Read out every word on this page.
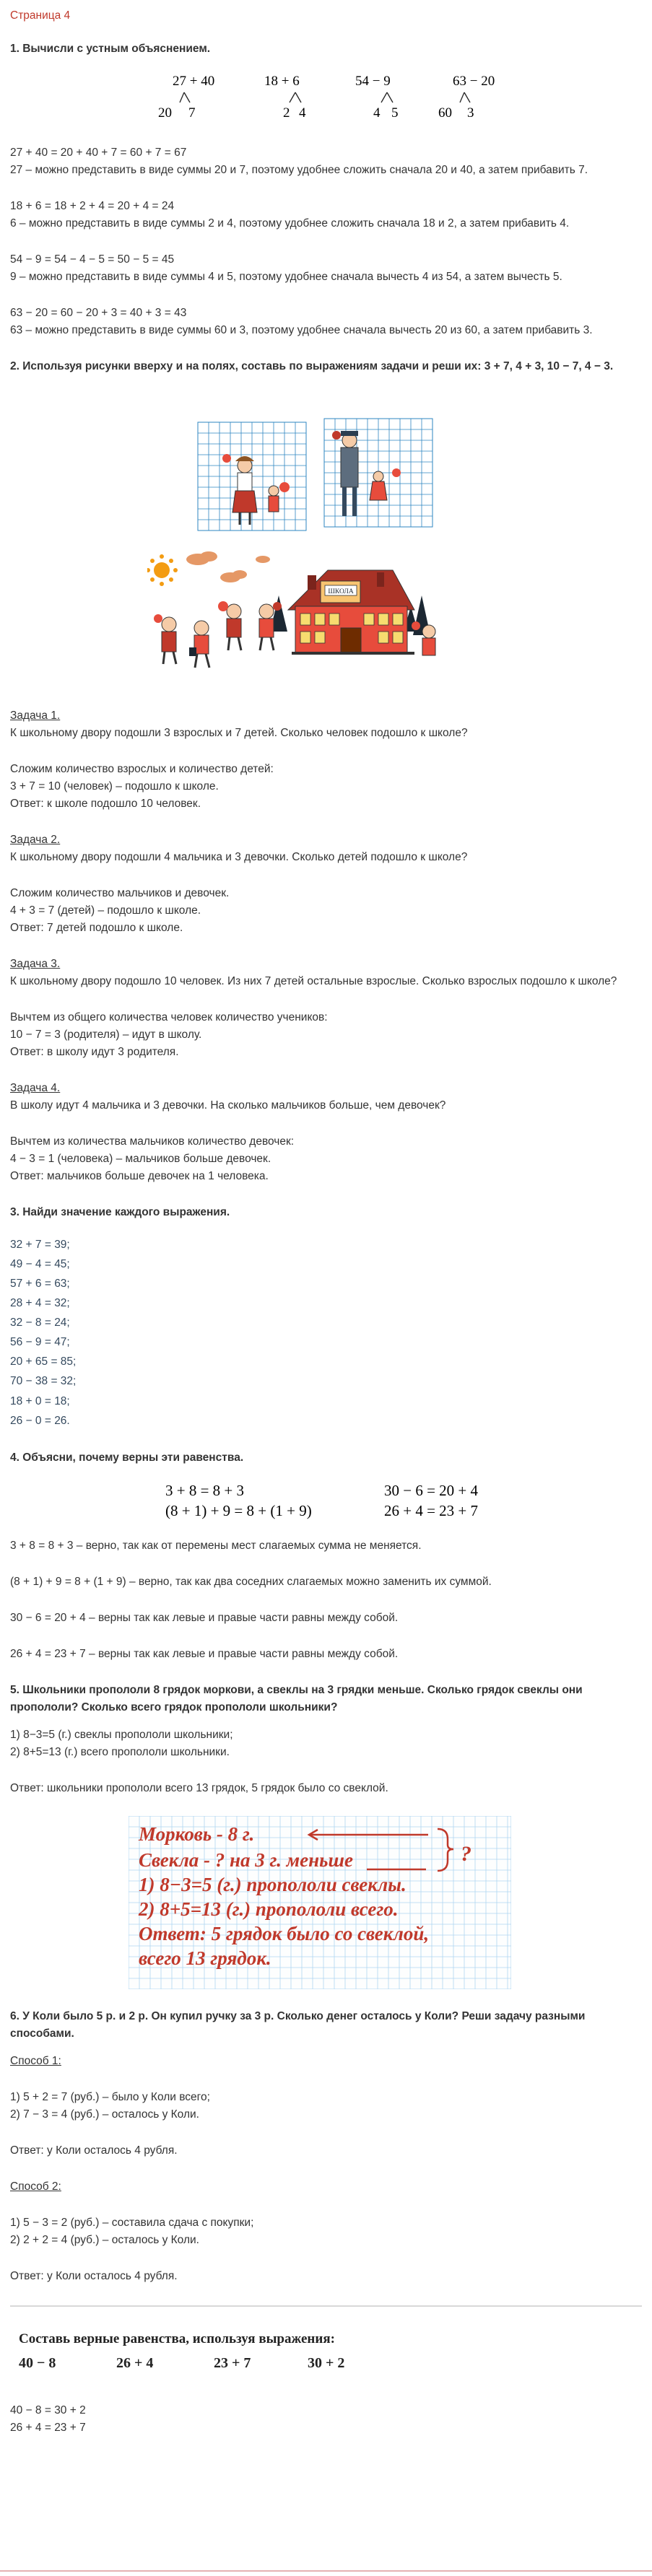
Страница 4

1. Вычисли с устным объяснением.

27 + 40
20 7
18 + 6
2 4
54 − 9
4 5
63 − 20
60 3

27 + 40 = 20 + 40 + 7 = 60 + 7 = 67

27 – можно представить в виде суммы 20 и 7, поэтому удобнее сложить сначала 20 и 40, а затем прибавить 7.

18 + 6 = 18 + 2 + 4 = 20 + 4 = 24

6 – можно представить в виде суммы 2 и 4, поэтому удобнее сложить сначала 18 и 2, а затем прибавить 4.

54 − 9 = 54 − 4 − 5 = 50 − 5 = 45

9 – можно представить в виде суммы 4 и 5, поэтому удобнее сначала вычесть 4 из 54, а затем вычесть 5.

63 − 20 = 60 − 20 + 3 = 40 + 3 = 43

63 – можно представить в виде суммы 60 и 3, поэтому удобнее сначала вычесть 20 из 60, а затем прибавить 3.

2. Используя рисунки вверху и на полях, составь по выражениям задачи и реши их: 3 + 7, 4 + 3, 10 − 7, 4 − 3.

ШКОЛА

Задача 1.

К школьному двору подошли 3 взрослых и 7 детей. Сколько человек подошло к школе?

Сложим количество взрослых и количество детей:

3 + 7 = 10 (человек) – подошло к школе.

Ответ: к школе подошло 10 человек.

Задача 2.

К школьному двору подошли 4 мальчика и 3 девочки. Сколько детей подошло к школе?

Сложим количество мальчиков и девочек.

4 + 3 = 7 (детей) – подошло к школе.

Ответ: 7 детей подошло к школе.

Задача 3.

К школьному двору подошло 10 человек. Из них 7 детей остальные взрослые. Сколько взрослых подошло к школе?

Вычтем из общего количества человек количество учеников:

10 − 7 = 3 (родителя) – идут в школу.

Ответ: в школу идут 3 родителя.

Задача 4.

В школу идут 4 мальчика и 3 девочки. На сколько мальчиков больше, чем девочек?

Вычтем из количества мальчиков количество девочек:

4 − 3 = 1 (человека) – мальчиков больше девочек.

Ответ: мальчиков больше девочек на 1 человека.

3. Найди значение каждого выражения.

32 + 7 = 39;

49 − 4 = 45;

57 + 6 = 63;

28 + 4 = 32;

32 − 8 = 24;

56 − 9 = 47;

20 + 65 = 85;

70 − 38 = 32;

18 + 0 = 18;

26 − 0 = 26.

4. Объясни, почему верны эти равенства.

3 + 8 = 8 + 3
(8 + 1) + 9 = 8 + (1 + 9)
30 − 6 = 20 + 4
26 + 4 = 23 + 7

3 + 8 = 8 + 3 – верно, так как от перемены мест слагаемых сумма не меняется.

(8 + 1) + 9 = 8 + (1 + 9) – верно, так как два соседних слагаемых можно заменить их суммой.

30 − 6 = 20 + 4 – верны так как левые и правые части равны между собой.

26 + 4 = 23 + 7 – верны так как левые и правые части равны между собой.

5. Школьники пропололи 8 грядок моркови, а свеклы на 3 грядки меньше. Сколько грядок свеклы они пропололи? Сколько всего грядок пропололи школьники?

1) 8−3=5 (г.) свеклы пропололи школьники;

2) 8+5=13 (г.) всего пропололи школьники.

Ответ: школьники пропололи всего 13 грядок, 5 грядок было со свеклой.

Морковь - 8 г.
Свекла - ? на 3 г. меньше
1) 8−3=5 (г.) пропололи свеклы.
2) 8+5=13 (г.) пропололи всего.
Ответ: 5 грядок было со свеклой,
всего 13 грядок.
?

6. У Коли было 5 р. и 2 р. Он купил ручку за 3 р. Сколько денег осталось у Коли? Реши задачу разными способами.

Способ 1:

1) 5 + 2 = 7 (руб.) – было у Коли всего;

2) 7 − 3 = 4 (руб.) – осталось у Коли.

Ответ: у Коли осталось 4 рубля.

Способ 2:

1) 5 − 3 = 2 (руб.) – составила сдача с покупки;

2) 2 + 2 = 4 (руб.) – осталось у Коли.

Ответ: у Коли осталось 4 рубля.

Составь верные равенства, используя выражения:
40 − 8	26 + 4	23 + 7	30 + 2

40 − 8 = 30 + 2

26 + 4 = 23 + 7
